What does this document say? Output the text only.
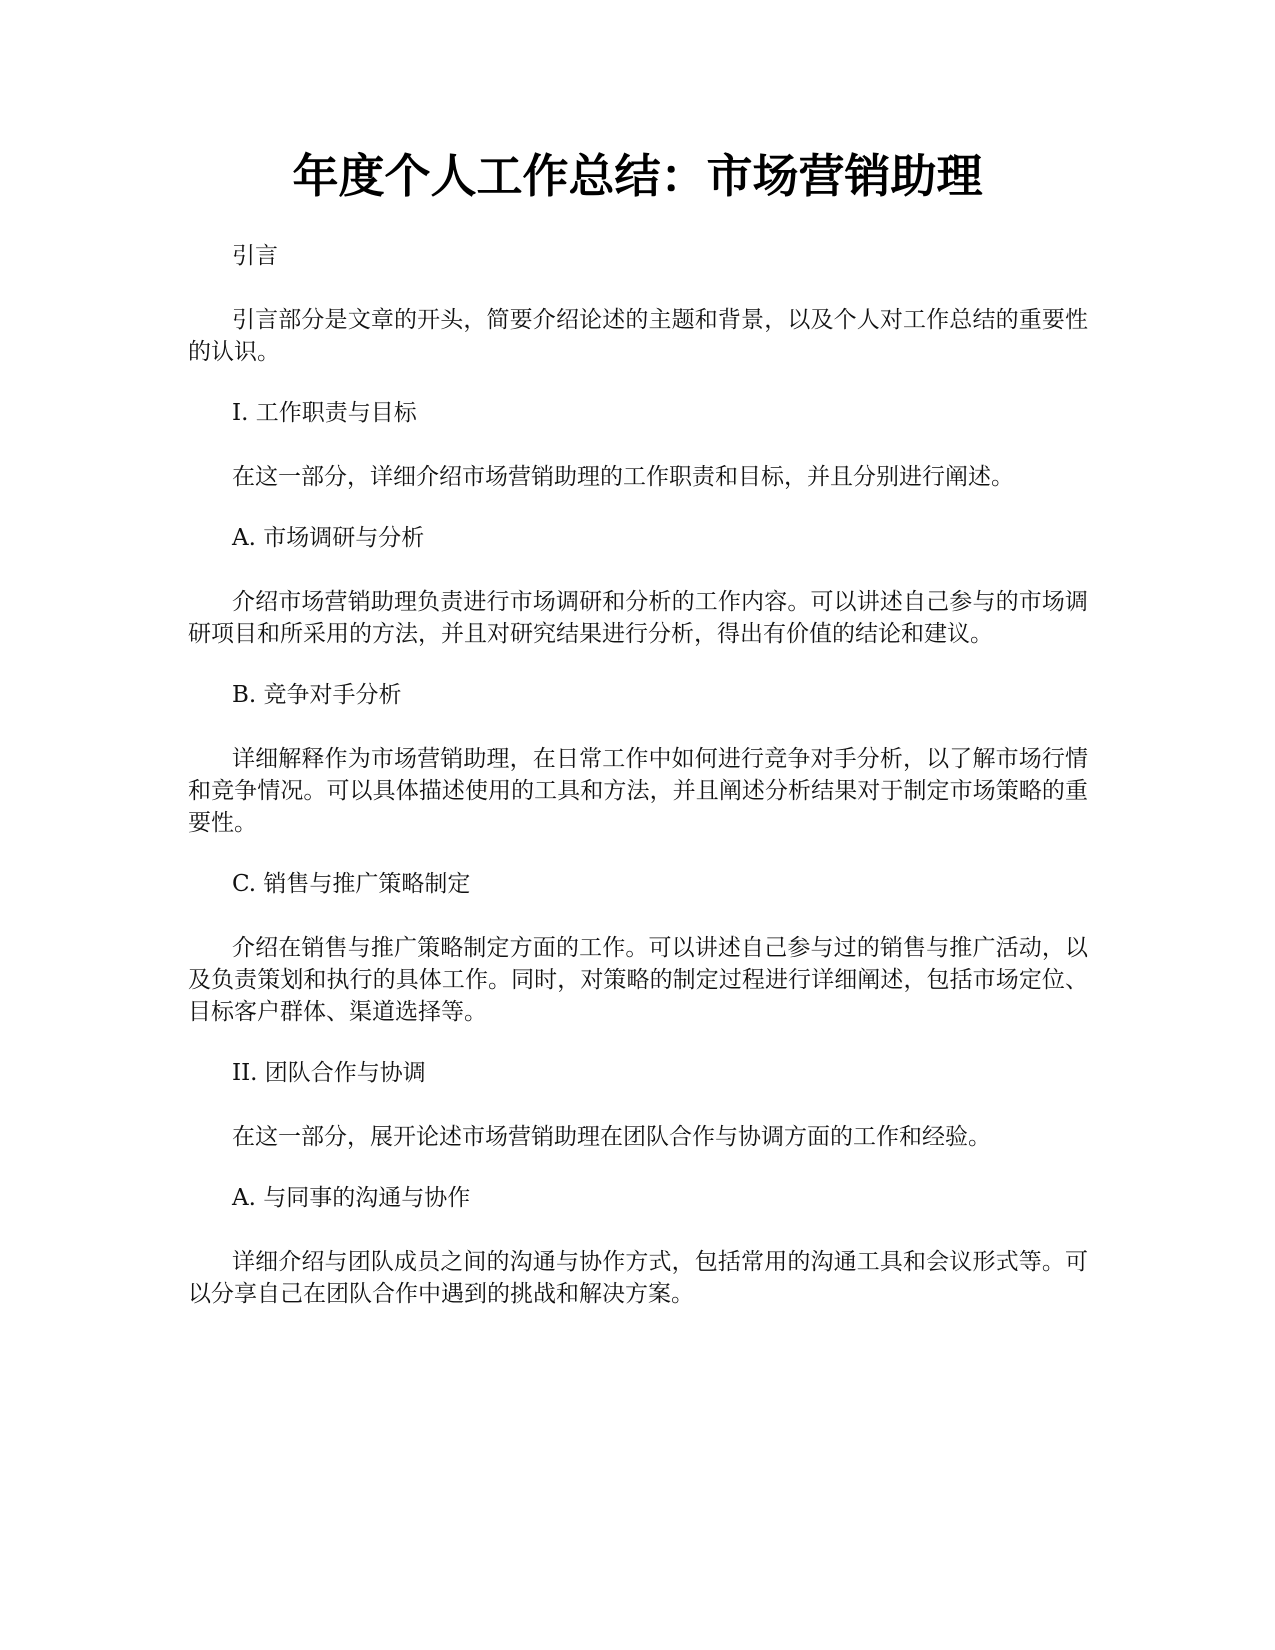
年度个人工作总结：市场营销助理

引言

引言部分是文章的开头，简要介绍论述的主题和背景，以及个人对工作总结的重要性的认识。

I. 工作职责与目标

在这一部分，详细介绍市场营销助理的工作职责和目标，并且分别进行阐述。

A. 市场调研与分析

介绍市场营销助理负责进行市场调研和分析的工作内容。可以讲述自己参与的市场调研项目和所采用的方法，并且对研究结果进行分析，得出有价值的结论和建议。

B. 竞争对手分析

详细解释作为市场营销助理，在日常工作中如何进行竞争对手分析，以了解市场行情和竞争情况。可以具体描述使用的工具和方法，并且阐述分析结果对于制定市场策略的重要性。

C. 销售与推广策略制定

介绍在销售与推广策略制定方面的工作。可以讲述自己参与过的销售与推广活动，以及负责策划和执行的具体工作。同时，对策略的制定过程进行详细阐述，包括市场定位、目标客户群体、渠道选择等。

II. 团队合作与协调

在这一部分，展开论述市场营销助理在团队合作与协调方面的工作和经验。

A. 与同事的沟通与协作

详细介绍与团队成员之间的沟通与协作方式，包括常用的沟通工具和会议形式等。可以分享自己在团队合作中遇到的挑战和解决方案。
